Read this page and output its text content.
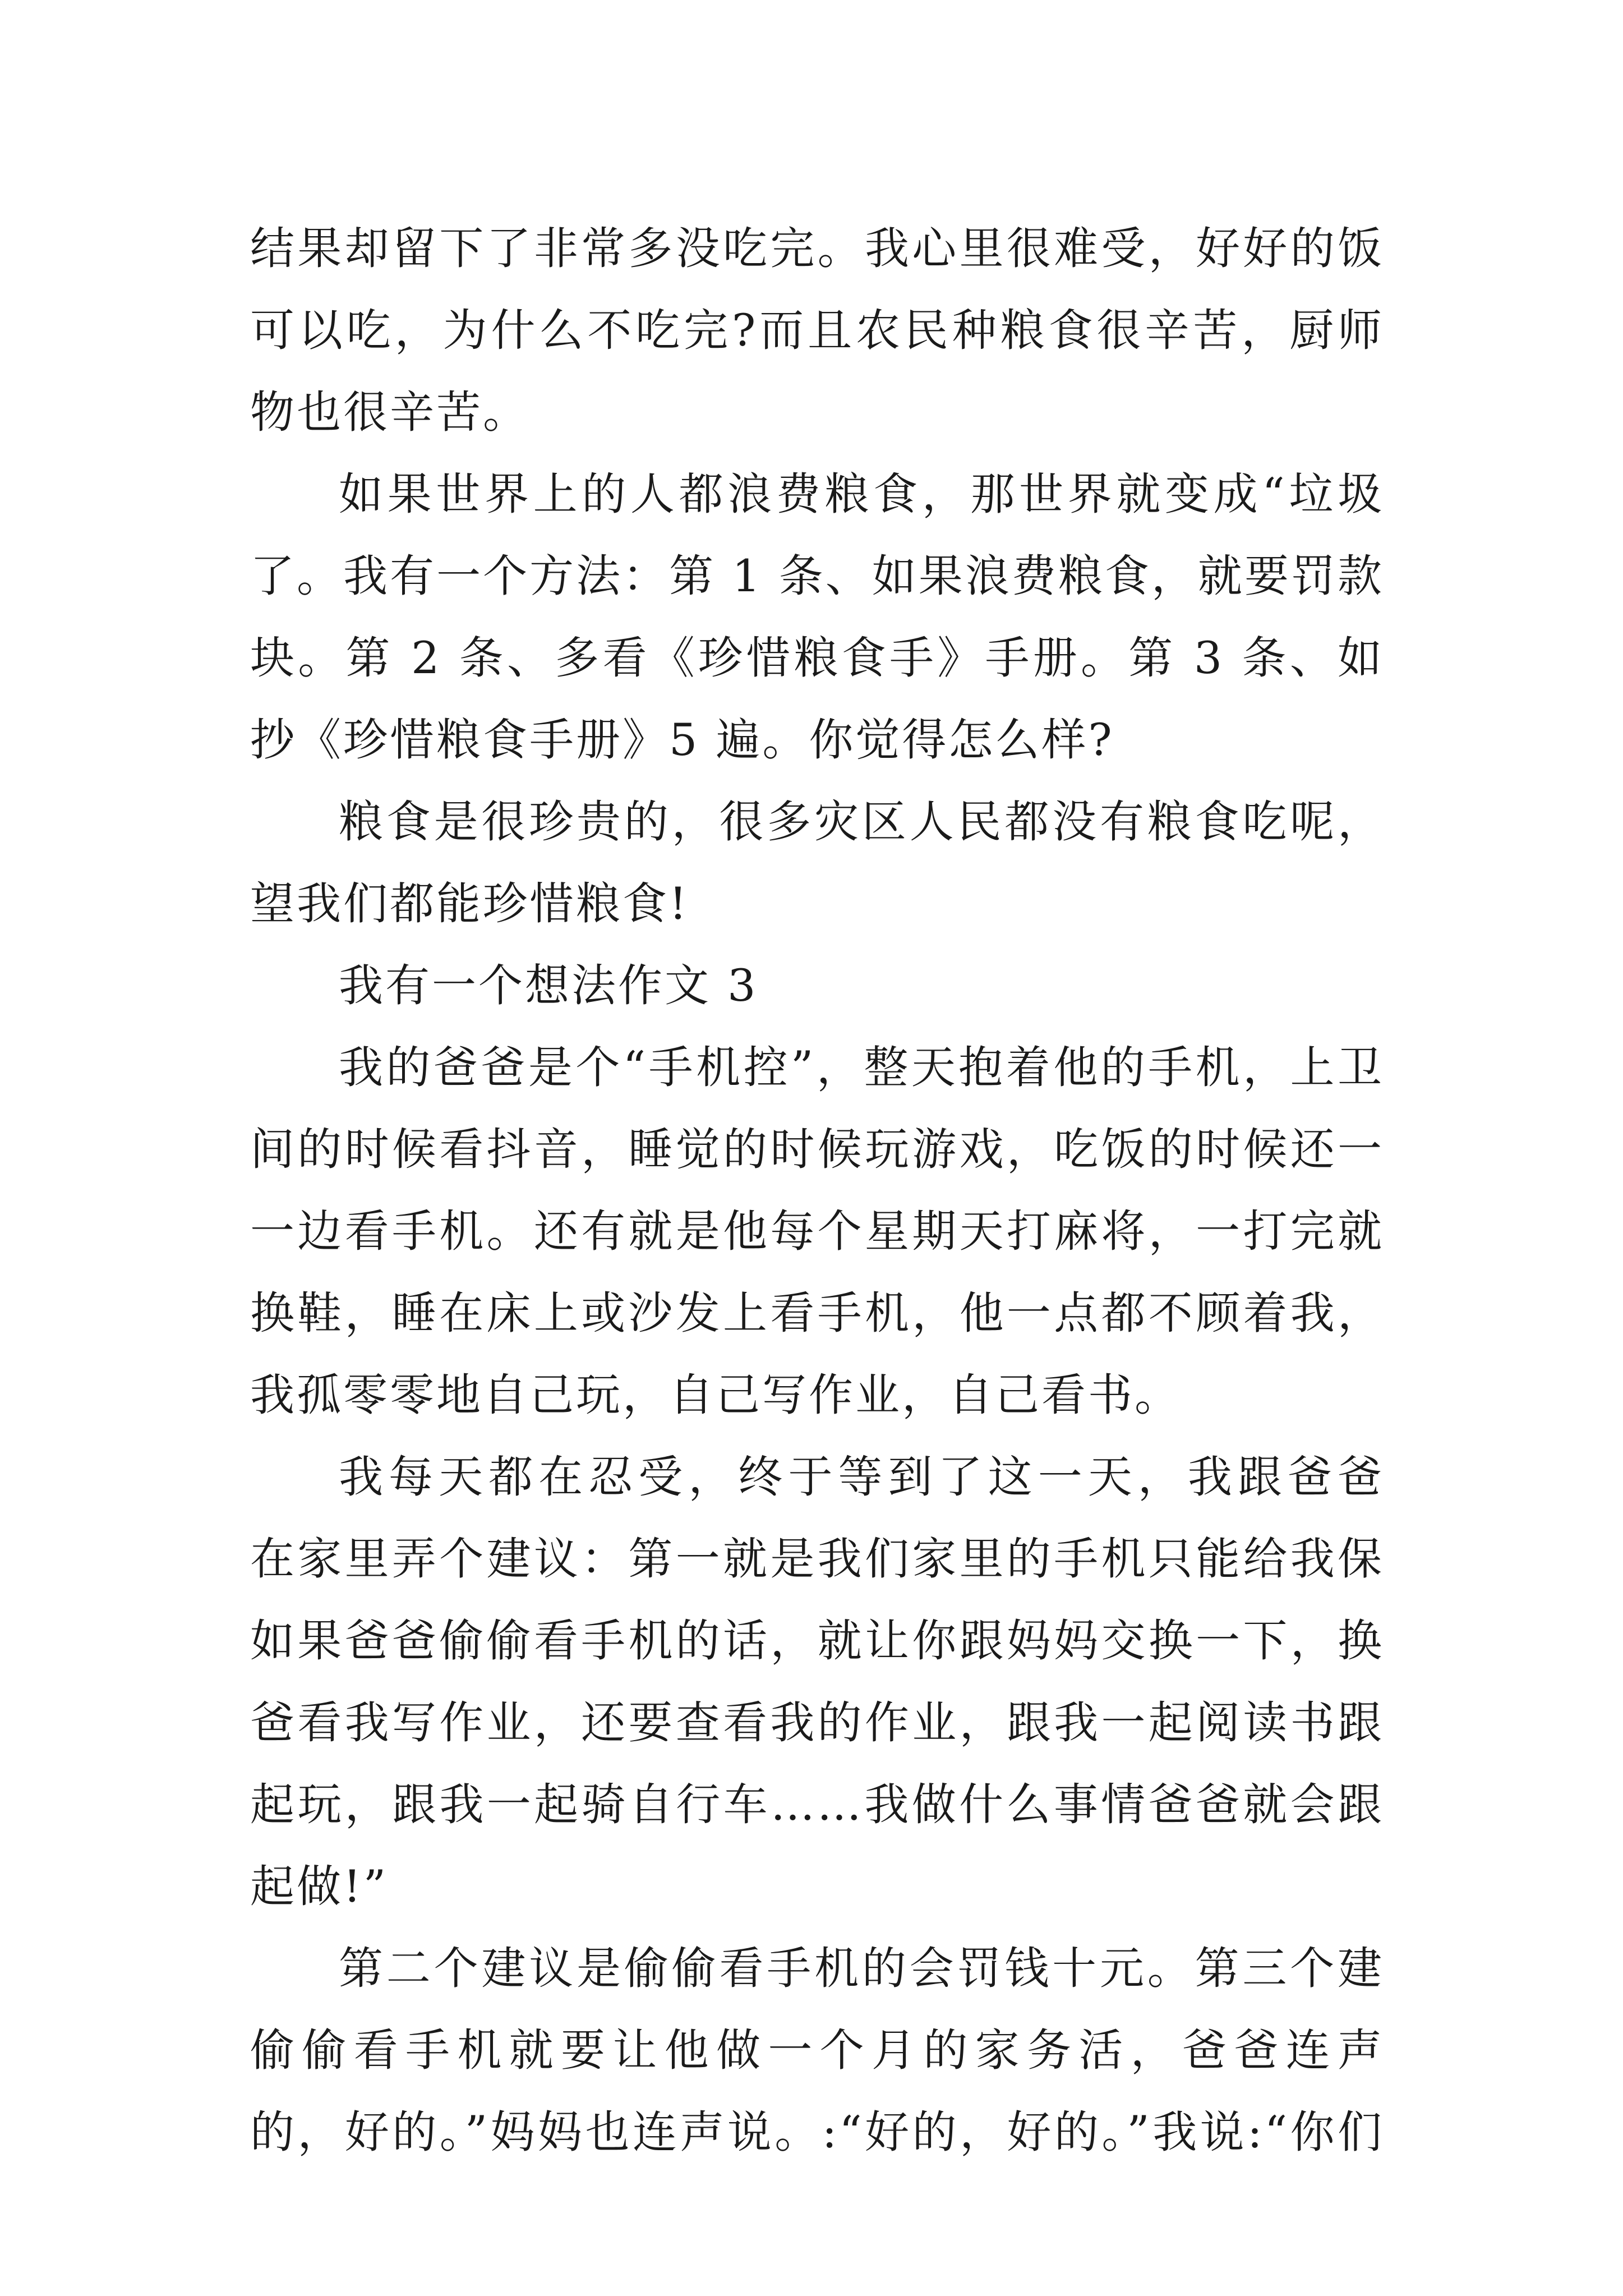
结果却留下了非常多没吃完。我心里很难受，好好的饭
可以吃，为什么不吃完?而且农民种粮食很辛苦，厨师
物也很辛苦。
如果世界上的人都浪费粮食，那世界就变成“垃圾
了。我有一个方法：第 1 条、如果浪费粮食，就要罚款
块。第 2 条、多看《珍惜粮食手》手册。第 3 条、如
抄《珍惜粮食手册》5 遍。你觉得怎么样?
粮食是很珍贵的，很多灾区人民都没有粮食吃呢，
望我们都能珍惜粮食!
我有一个想法作文 3
我的爸爸是个“手机控”，整天抱着他的手机，上卫
间的时候看抖音，睡觉的时候玩游戏，吃饭的时候还一
一边看手机。还有就是他每个星期天打麻将，一打完就
换鞋，睡在床上或沙发上看手机，他一点都不顾着我，
我孤零零地自己玩，自己写作业，自己看书。
我每天都在忍受，终于等到了这一天，我跟爸爸
在家里弄个建议：第一就是我们家里的手机只能给我保
如果爸爸偷偷看手机的话，就让你跟妈妈交换一下，换
爸看我写作业，还要查看我的作业，跟我一起阅读书跟
起玩，跟我一起骑自行车……我做什么事情爸爸就会跟
起做!”
第二个建议是偷偷看手机的会罚钱十元。第三个建
偷偷看手机就要让他做一个月的家务活，爸爸连声
的，好的。”妈妈也连声说。:“好的，好的。”我说:“你们
